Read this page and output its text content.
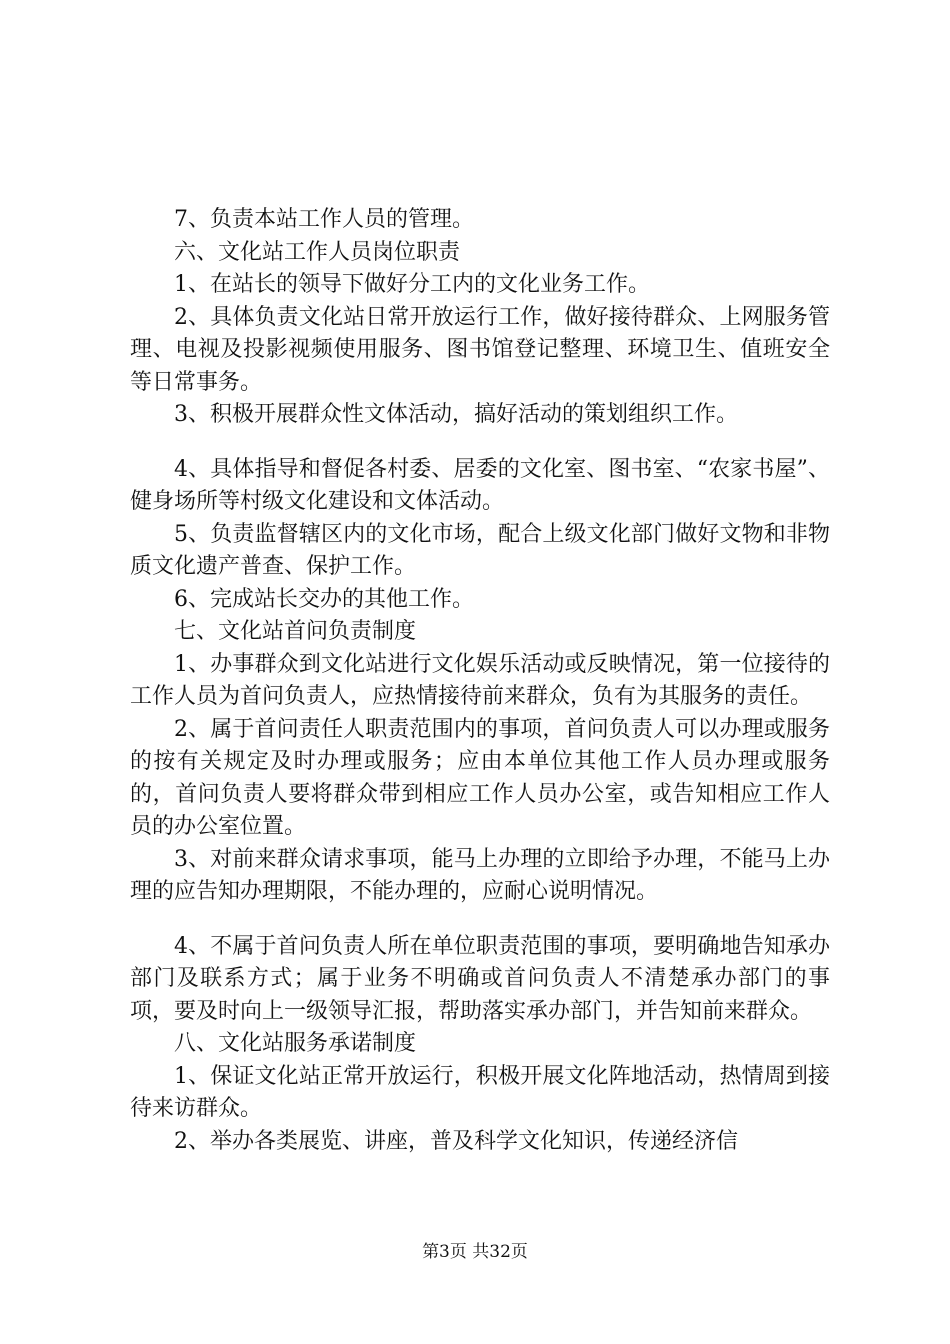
7、负责本站工作人员的管理。

六、文化站工作人员岗位职责

1、在站长的领导下做好分工内的文化业务工作。

2、具体负责文化站日常开放运行工作，做好接待群众、上网服务管理、电视及投影视频使用服务、图书馆登记整理、环境卫生、值班安全等日常事务。

3、积极开展群众性文体活动，搞好活动的策划组织工作。

4、具体指导和督促各村委、居委的文化室、图书室、“农家书屋”、健身场所等村级文化建设和文体活动。

5、负责监督辖区内的文化市场，配合上级文化部门做好文物和非物质文化遗产普查、保护工作。

6、完成站长交办的其他工作。

七、文化站首问负责制度

1、办事群众到文化站进行文化娱乐活动或反映情况，第一位接待的工作人员为首问负责人，应热情接待前来群众，负有为其服务的责任。

2、属于首问责任人职责范围内的事项，首问负责人可以办理或服务的按有关规定及时办理或服务；应由本单位其他工作人员办理或服务的，首问负责人要将群众带到相应工作人员办公室，或告知相应工作人员的办公室位置。

3、对前来群众请求事项，能马上办理的立即给予办理，不能马上办理的应告知办理期限，不能办理的，应耐心说明情况。

4、不属于首问负责人所在单位职责范围的事项，要明确地告知承办部门及联系方式；属于业务不明确或首问负责人不清楚承办部门的事项，要及时向上一级领导汇报，帮助落实承办部门，并告知前来群众。

八、文化站服务承诺制度

1、保证文化站正常开放运行，积极开展文化阵地活动，热情周到接待来访群众。

2、举办各类展览、讲座，普及科学文化知识，传递经济信

第3页 共32页
